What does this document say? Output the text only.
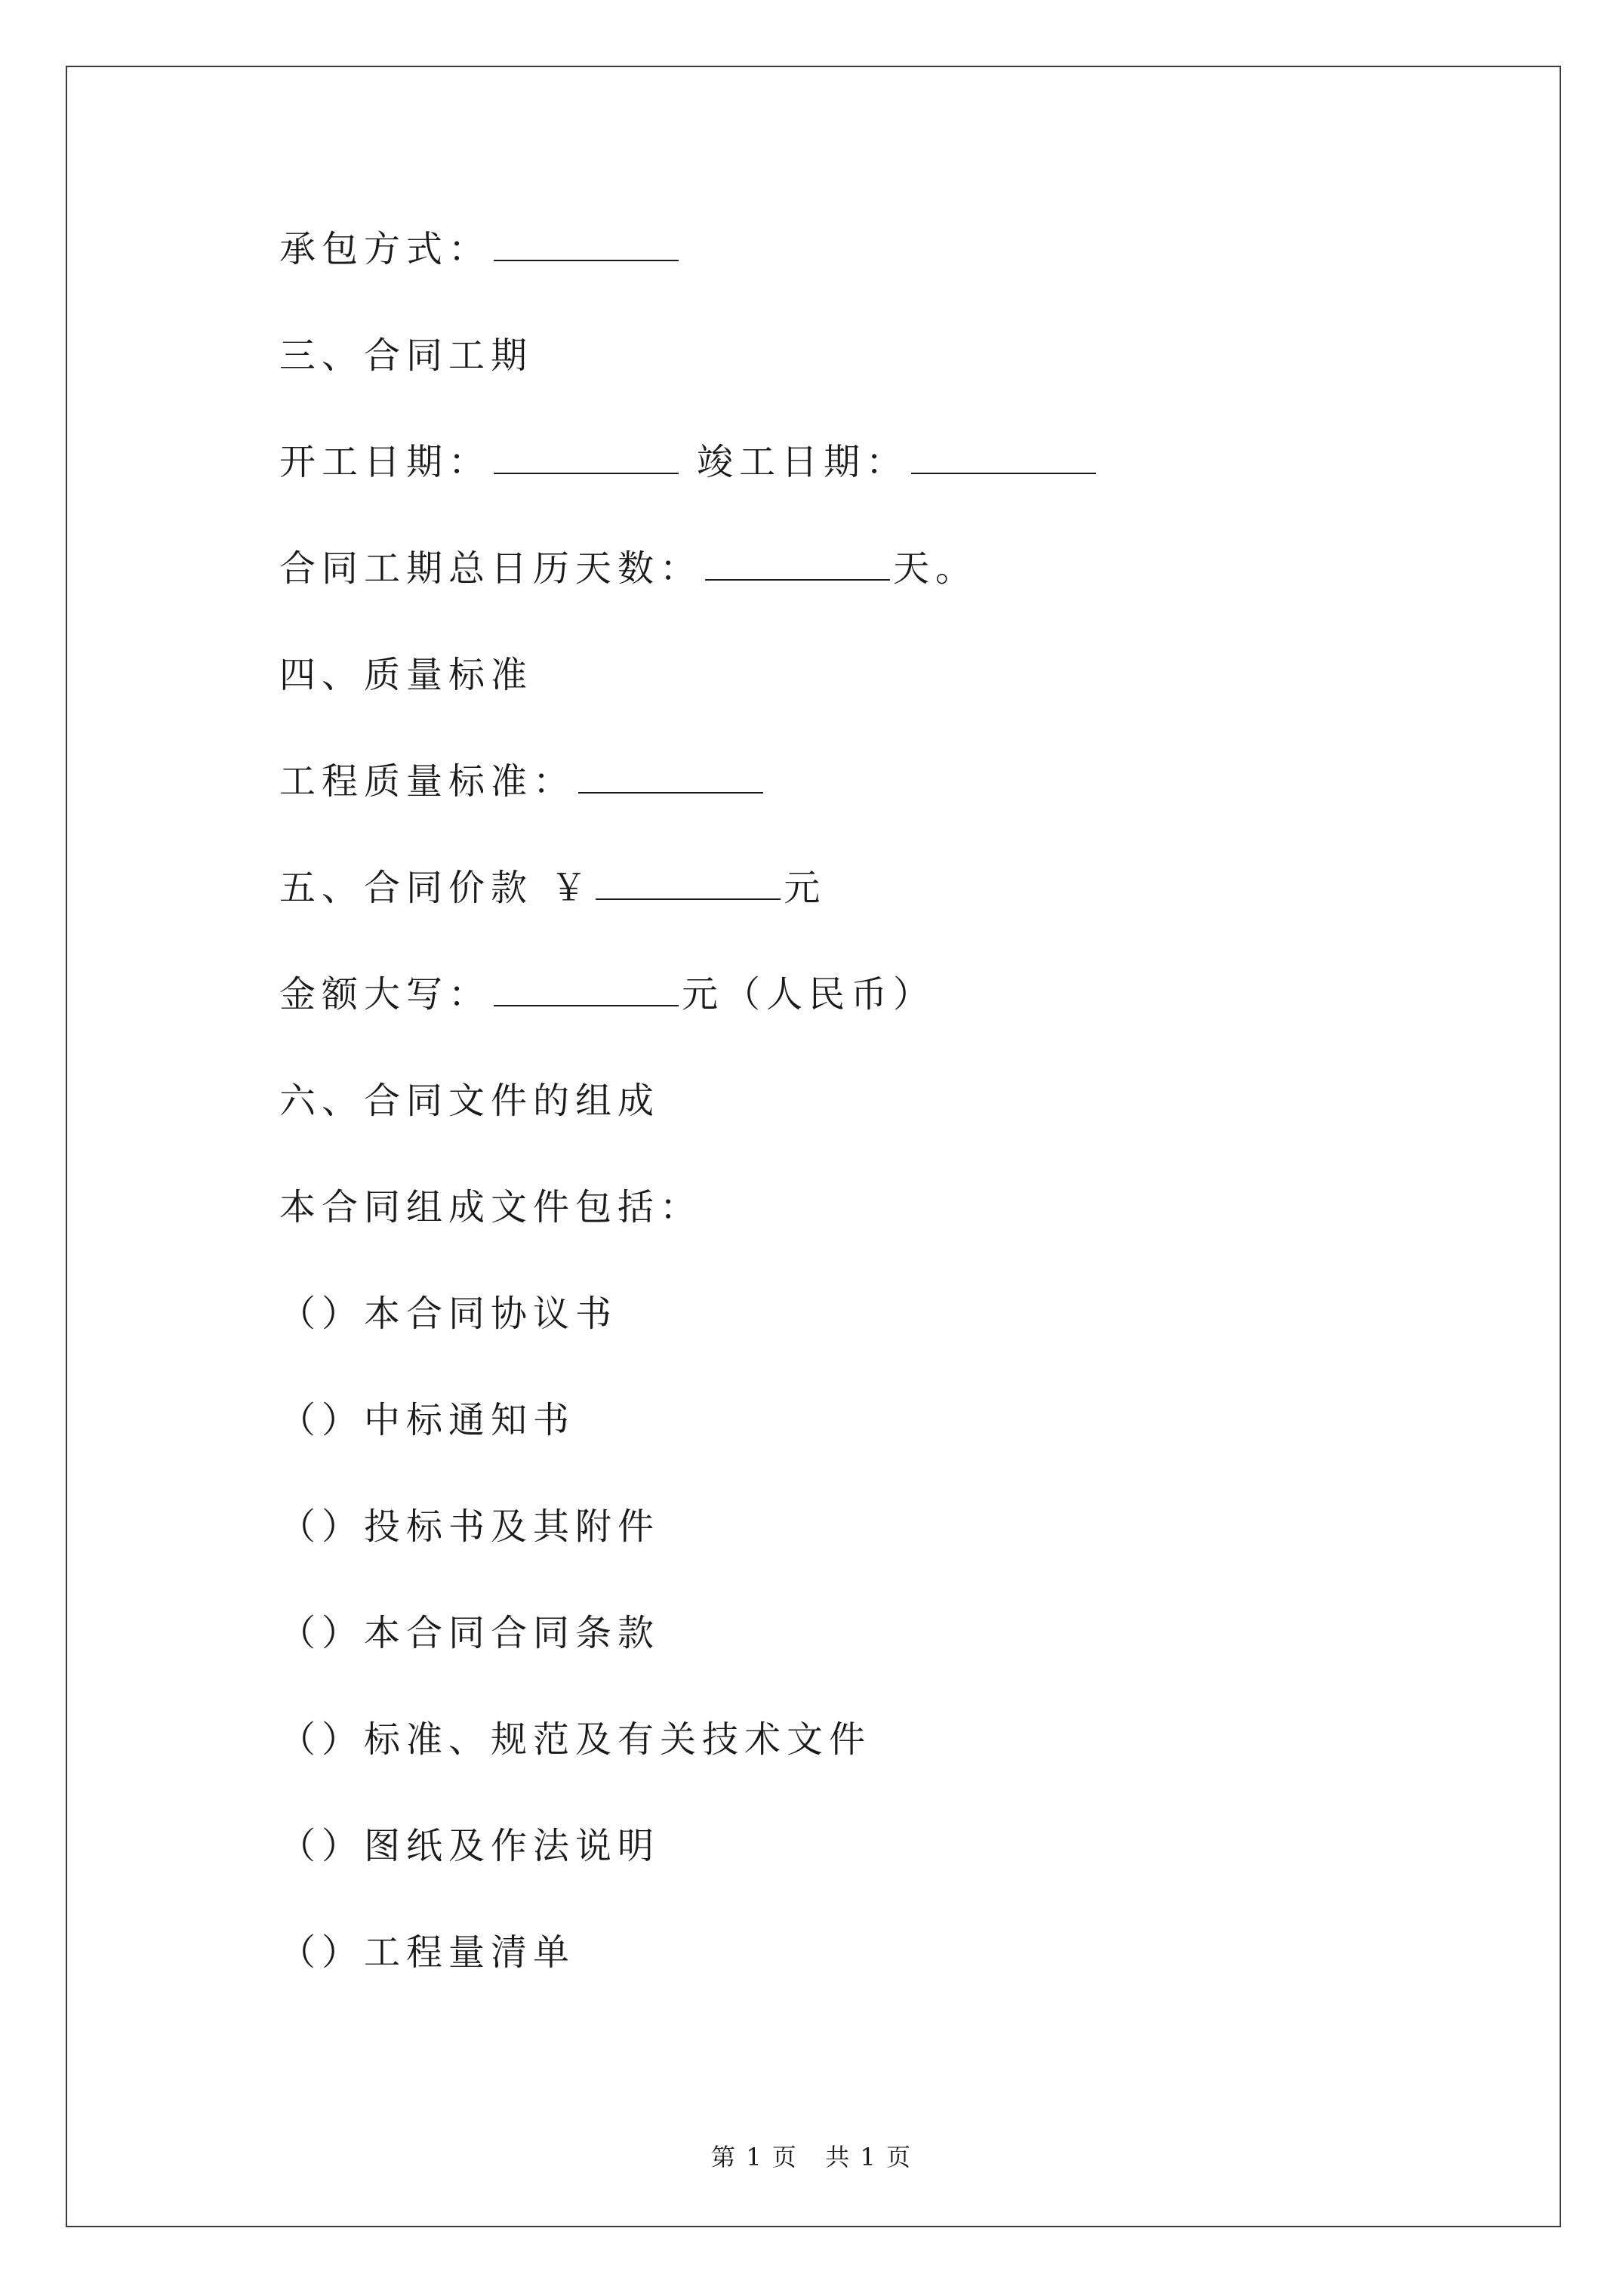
承包方式：
三、合同工期
开工日期：	竣工日期：
合同工期总日历天数：	天。
四、质量标准
工程质量标准：
五、合同价款 ￥	元
金额大写：	元（人民币）
六、合同文件的组成
本合同组成文件包括：
（）本合同协议书
（）中标通知书
（）投标书及其附件
（）本合同合同条款
（）标准、规范及有关技术文件
（）图纸及作法说明
（）工程量清单
第 1 页   共 1 页
